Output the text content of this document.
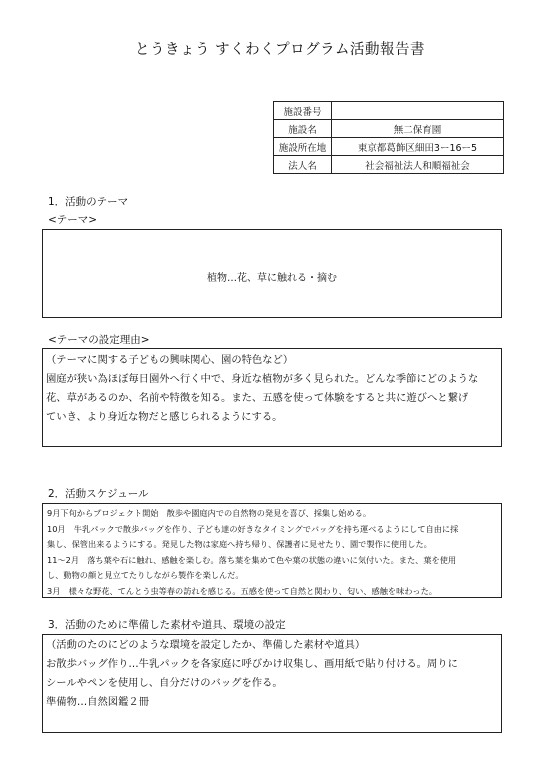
とうきょう すくわくプログラム活動報告書
施設番号	
施設名	無二保育園
施設所在地	東京都葛飾区細田3ー16ー5
法人名	社会福祉法人和順福祉会
1．活動のテーマ
<テーマ>
植物…花、草に触れる・摘む
<テーマの設定理由>
（テーマに関する子どもの興味関心、園の特色など）
園庭が狭い為ほぼ毎日園外へ行く中で、身近な植物が多く見られた。どんな季節にどのような
花、草があるのか、名前や特徴を知る。また、五感を使って体験をすると共に遊びへと繋げ
ていき、より身近な物だと感じられるようにする。
2．活動スケジュール
9月下旬からプロジェクト開始　散歩や園庭内での自然物の発見を喜び、採集し始める。
10月　牛乳パックで散歩バッグを作り、子ども達の好きなタイミングでバッグを持ち運べるようにして自由に採
集し、保管出来るようにする。発見した物は家庭へ持ち帰り、保護者に見せたり、園で製作に使用した。
11～2月　落ち葉や石に触れ、感触を楽しむ。落ち葉を集めて色や葉の状態の違いに気付いた。また、葉を使用
し、動物の顔と見立てたりしながら製作を楽しんだ。
3月　様々な野花、てんとう虫等春の訪れを感じる。五感を使って自然と関わり、匂い、感触を味わった。
3．活動のために準備した素材や道具、環境の設定
（活動のたのにどのような環境を設定したか、準備した素材や道具）
お散歩バッグ作り…牛乳パックを各家庭に呼びかけ収集し、画用紙で貼り付ける。周りに
シールやペンを使用し、自分だけのバッグを作る。
準備物…自然図鑑２冊
